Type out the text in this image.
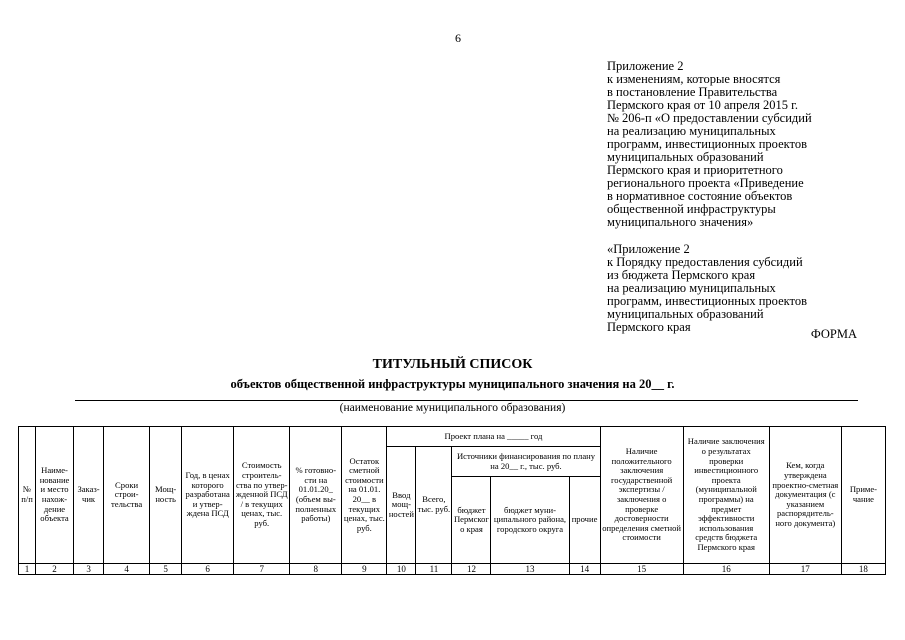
6
Приложение 2
к изменениям, которые вносятся
в постановление Правительства
Пермского края от 10 апреля 2015 г.
№ 206-п «О предоставлении субсидий
на реализацию муниципальных
программ, инвестиционных проектов
муниципальных образований
Пермского края и приоритетного
регионального проекта «Приведение
в нормативное состояние объектов
общественной инфраструктуры
муниципального значения»
«Приложение 2
к Порядку предоставления субсидий
из бюджета Пермского края
на реализацию муниципальных
программ, инвестиционных проектов
муниципальных образований
Пермского края	ФОРМА
ТИТУЛЬНЫЙ СПИСОК
объектов общественной инфраструктуры муниципального значения на 20__ г.
(наименование муниципального образования)
№ п/п	Наиме-нование и место нахож-дение объекта	Заказ-чик	Сроки строи-тельства	Мощ-ность	Год, в ценах которого разработана и утвер-ждена ПСД	Стоимость строитель-ства по утвер-жденной ПСД / в текущих ценах, тыс. руб.	% готовно-сти на 01.01.20_ (объем вы-полненных работы)	Остаток сметной стоимости на 01.01. 20__ в текущих ценах, тыс. руб.	Проект плана на _____ год					Наличие положительного заключения государственной экспертизы / заключения о проверке достоверности определения сметной стоимости	Наличие заключения о результатах проверки инвестиционного проекта (муниципальной программы) на предмет эффективности использования средств бюджета Пермского края	Кем, когда утверждена проектно-сметная документация (с указанием распорядитель-ного документа)	Приме-чание
									Ввод мощ-ностей	Всего, тыс. руб.	Источники финансирования по плану на 20__ г., тыс. руб.						
											бюджет Пермского края	бюджет муни-ципального района, городского округа	прочие				
1	2	3	4	5	6	7	8	9	10	11	12	13	14	15	16	17	18
